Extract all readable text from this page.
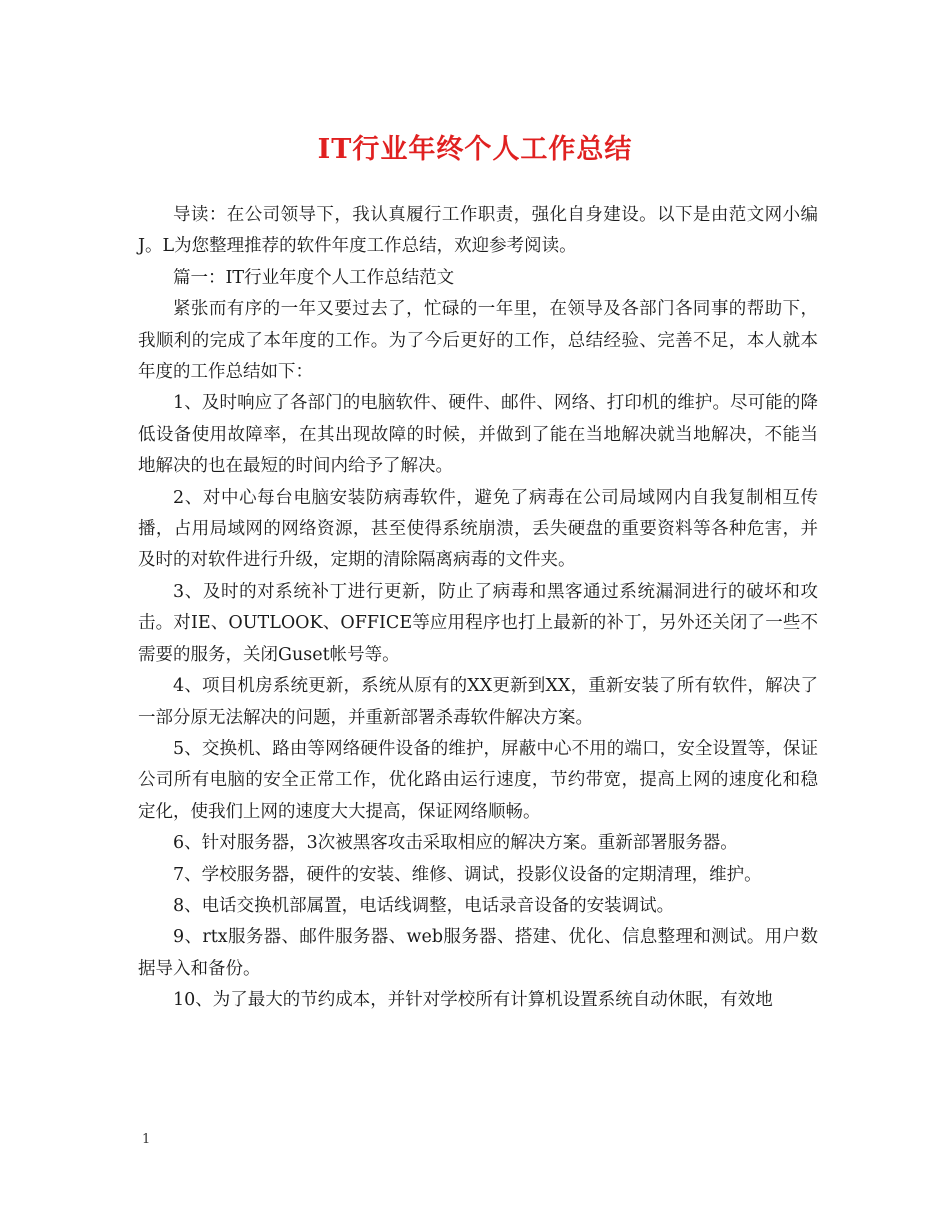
IT行业年终个人工作总结

导读：在公司领导下，我认真履行工作职责，强化自身建设。以下是由范文网小编J。L为您整理推荐的软件年度工作总结，欢迎参考阅读。

篇一：IT行业年度个人工作总结范文

紧张而有序的一年又要过去了，忙碌的一年里，在领导及各部门各同事的帮助下，我顺利的完成了本年度的工作。为了今后更好的工作，总结经验、完善不足，本人就本年度的工作总结如下：

1、及时响应了各部门的电脑软件、硬件、邮件、网络、打印机的维护。尽可能的降低设备使用故障率，在其出现故障的时候，并做到了能在当地解决就当地解决，不能当地解决的也在最短的时间内给予了解决。

2、对中心每台电脑安装防病毒软件，避免了病毒在公司局域网内自我复制相互传播，占用局域网的网络资源，甚至使得系统崩溃，丢失硬盘的重要资料等各种危害，并及时的对软件进行升级，定期的清除隔离病毒的文件夹。

3、及时的对系统补丁进行更新，防止了病毒和黑客通过系统漏洞进行的破坏和攻击。对IE、OUTLOOK、OFFICE等应用程序也打上最新的补丁，另外还关闭了一些不需要的服务，关闭Guset帐号等。

4、项目机房系统更新，系统从原有的XX更新到XX，重新安装了所有软件，解决了一部分原无法解决的问题，并重新部署杀毒软件解决方案。

5、交换机、路由等网络硬件设备的维护，屏蔽中心不用的端口，安全设置等，保证公司所有电脑的安全正常工作，优化路由运行速度，节约带宽，提高上网的速度化和稳定化，使我们上网的速度大大提高，保证网络顺畅。

6、针对服务器，3次被黑客攻击采取相应的解决方案。重新部署服务器。

7、学校服务器，硬件的安装、维修、调试，投影仪设备的定期清理，维护。

8、电话交换机部属置，电话线调整，电话录音设备的安装调试。

9、rtx服务器、邮件服务器、web服务器、搭建、优化、信息整理和测试。用户数据导入和备份。

10、为了最大的节约成本，并针对学校所有计算机设置系统自动休眠，有效地

1
